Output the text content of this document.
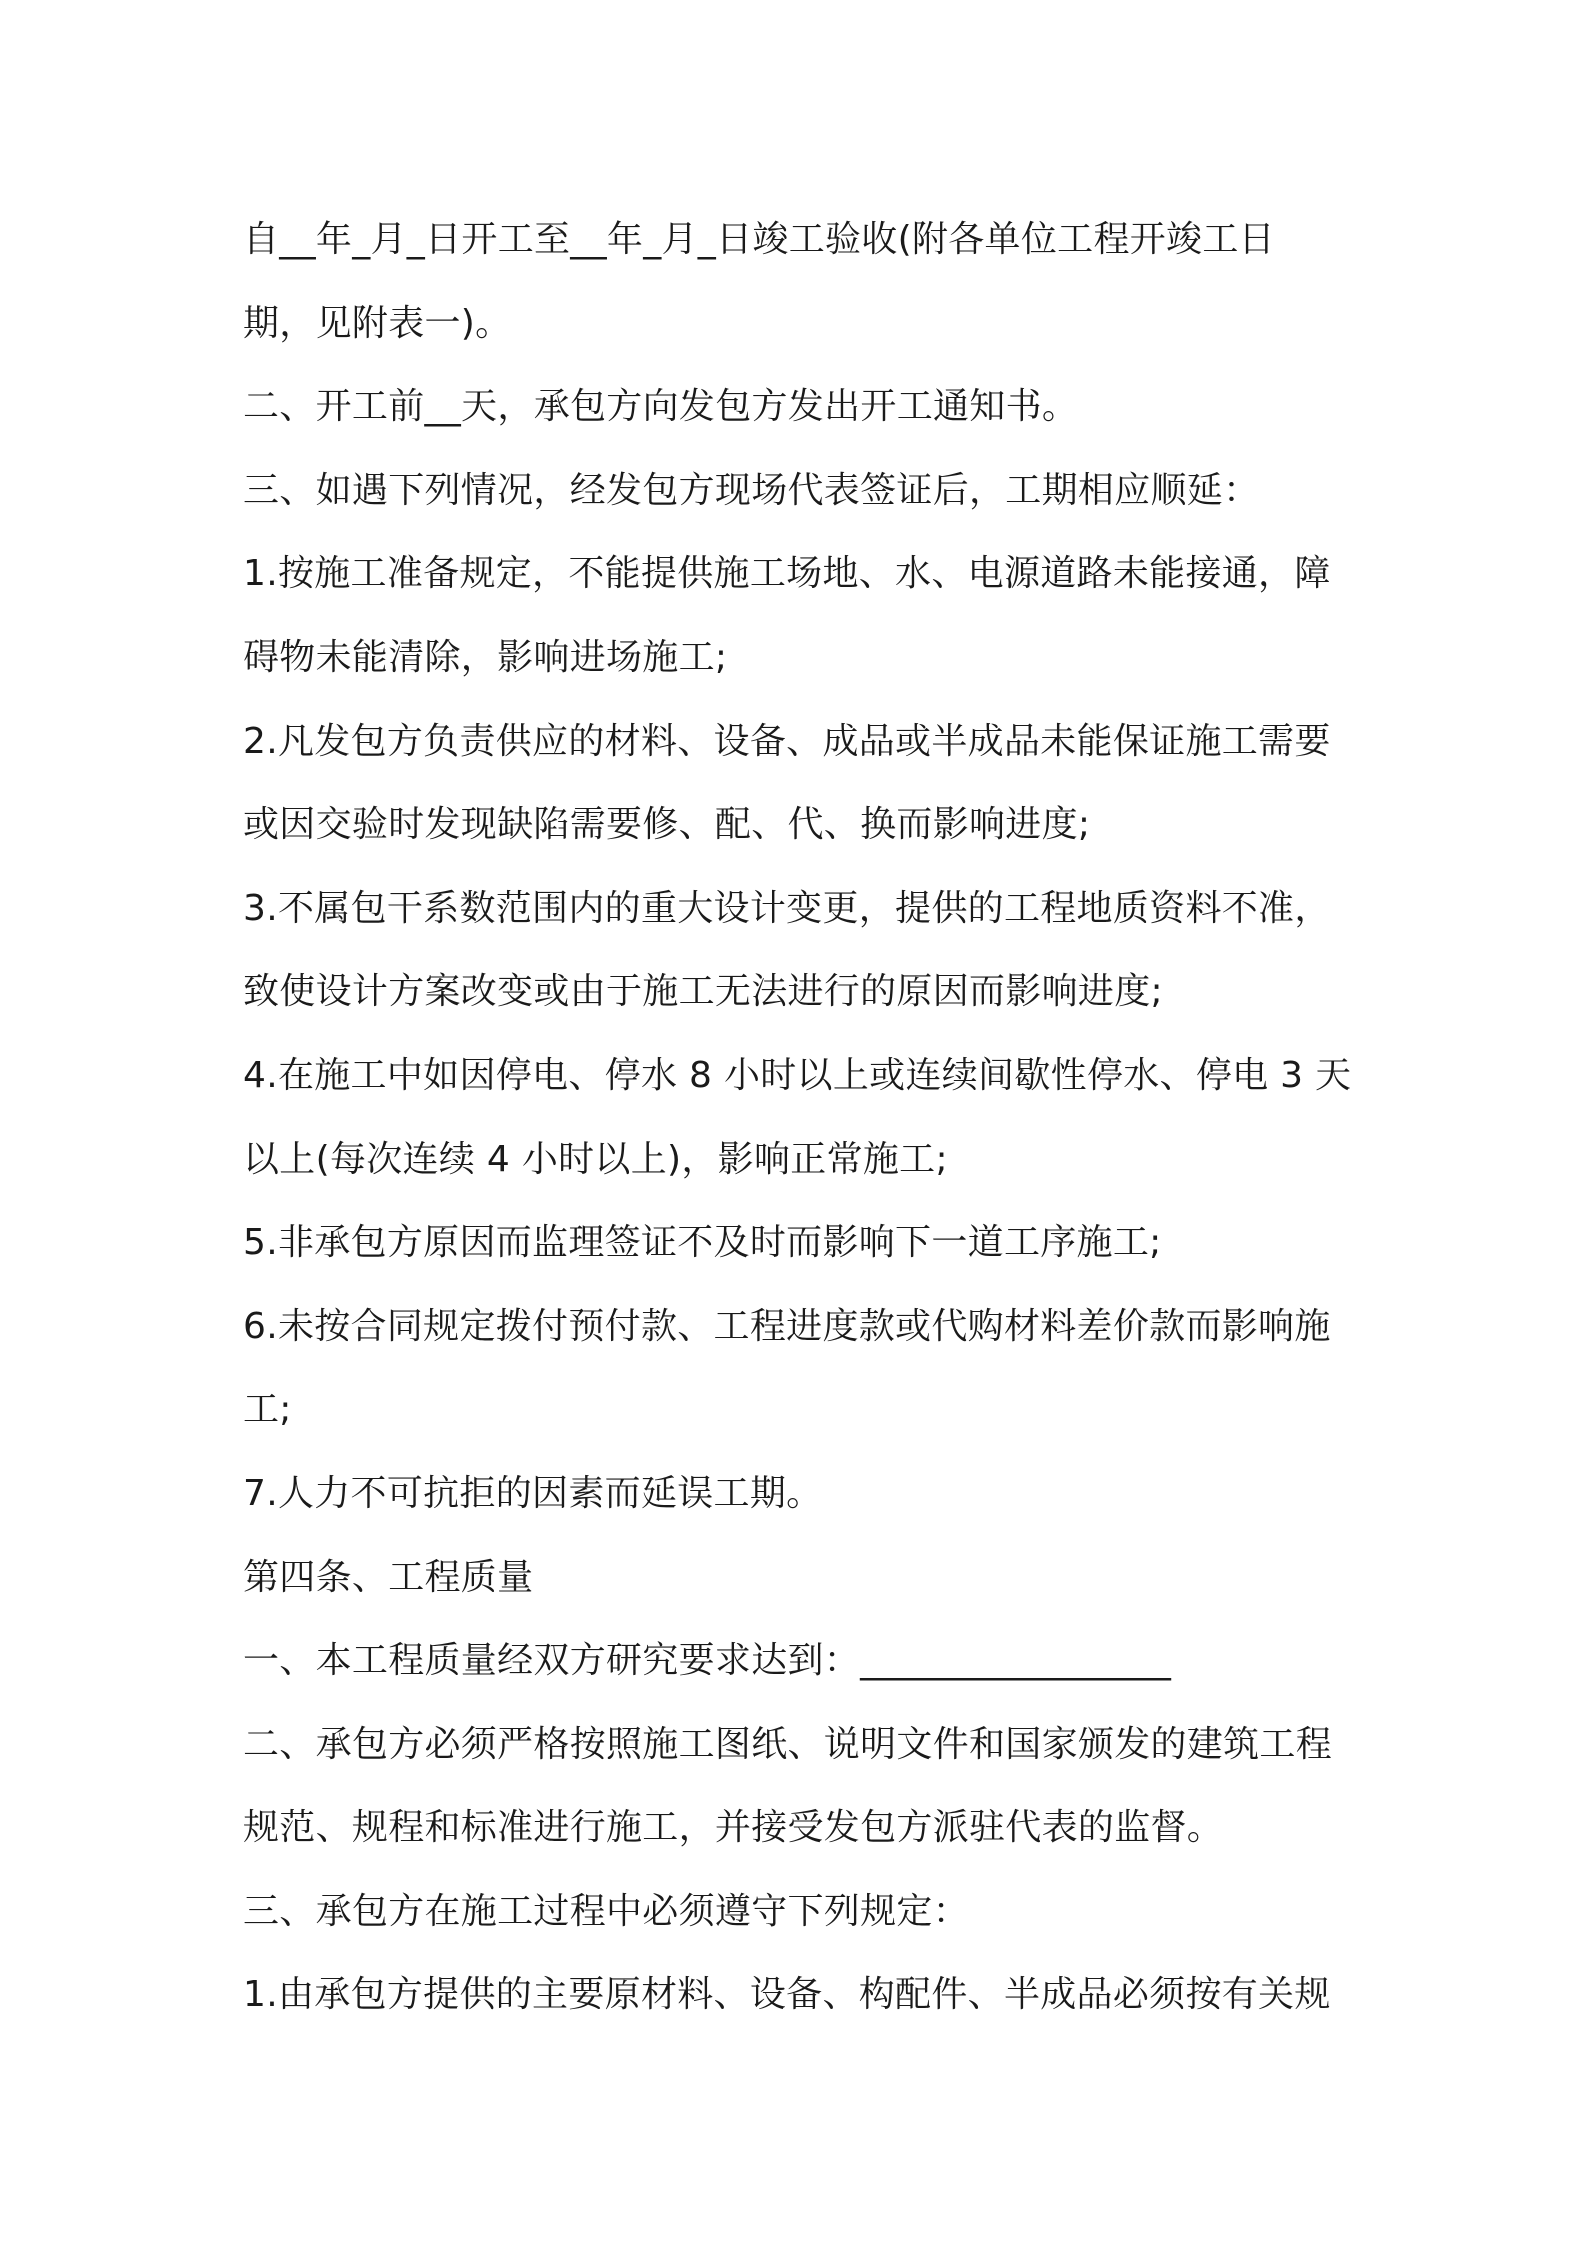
自__年_月_日开工至__年_月_日竣工验收(附各单位工程开竣工日
期，见附表一)。
二、开工前__天，承包方向发包方发出开工通知书。
三、如遇下列情况，经发包方现场代表签证后，工期相应顺延：
1.按施工准备规定，不能提供施工场地、水、电源道路未能接通，障
碍物未能清除，影响进场施工;
2.凡发包方负责供应的材料、设备、成品或半成品未能保证施工需要
或因交验时发现缺陷需要修、配、代、换而影响进度;
3.不属包干系数范围内的重大设计变更，提供的工程地质资料不准，
致使设计方案改变或由于施工无法进行的原因而影响进度;
4.在施工中如因停电、停水 8 小时以上或连续间歇性停水、停电 3 天
以上(每次连续 4 小时以上)，影响正常施工;
5.非承包方原因而监理签证不及时而影响下一道工序施工;
6.未按合同规定拨付预付款、工程进度款或代购材料差价款而影响施
工;
7.人力不可抗拒的因素而延误工期。
第四条、工程质量
一、本工程质量经双方研究要求达到：_________________
二、承包方必须严格按照施工图纸、说明文件和国家颁发的建筑工程
规范、规程和标准进行施工，并接受发包方派驻代表的监督。
三、承包方在施工过程中必须遵守下列规定：
1.由承包方提供的主要原材料、设备、构配件、半成品必须按有关规
